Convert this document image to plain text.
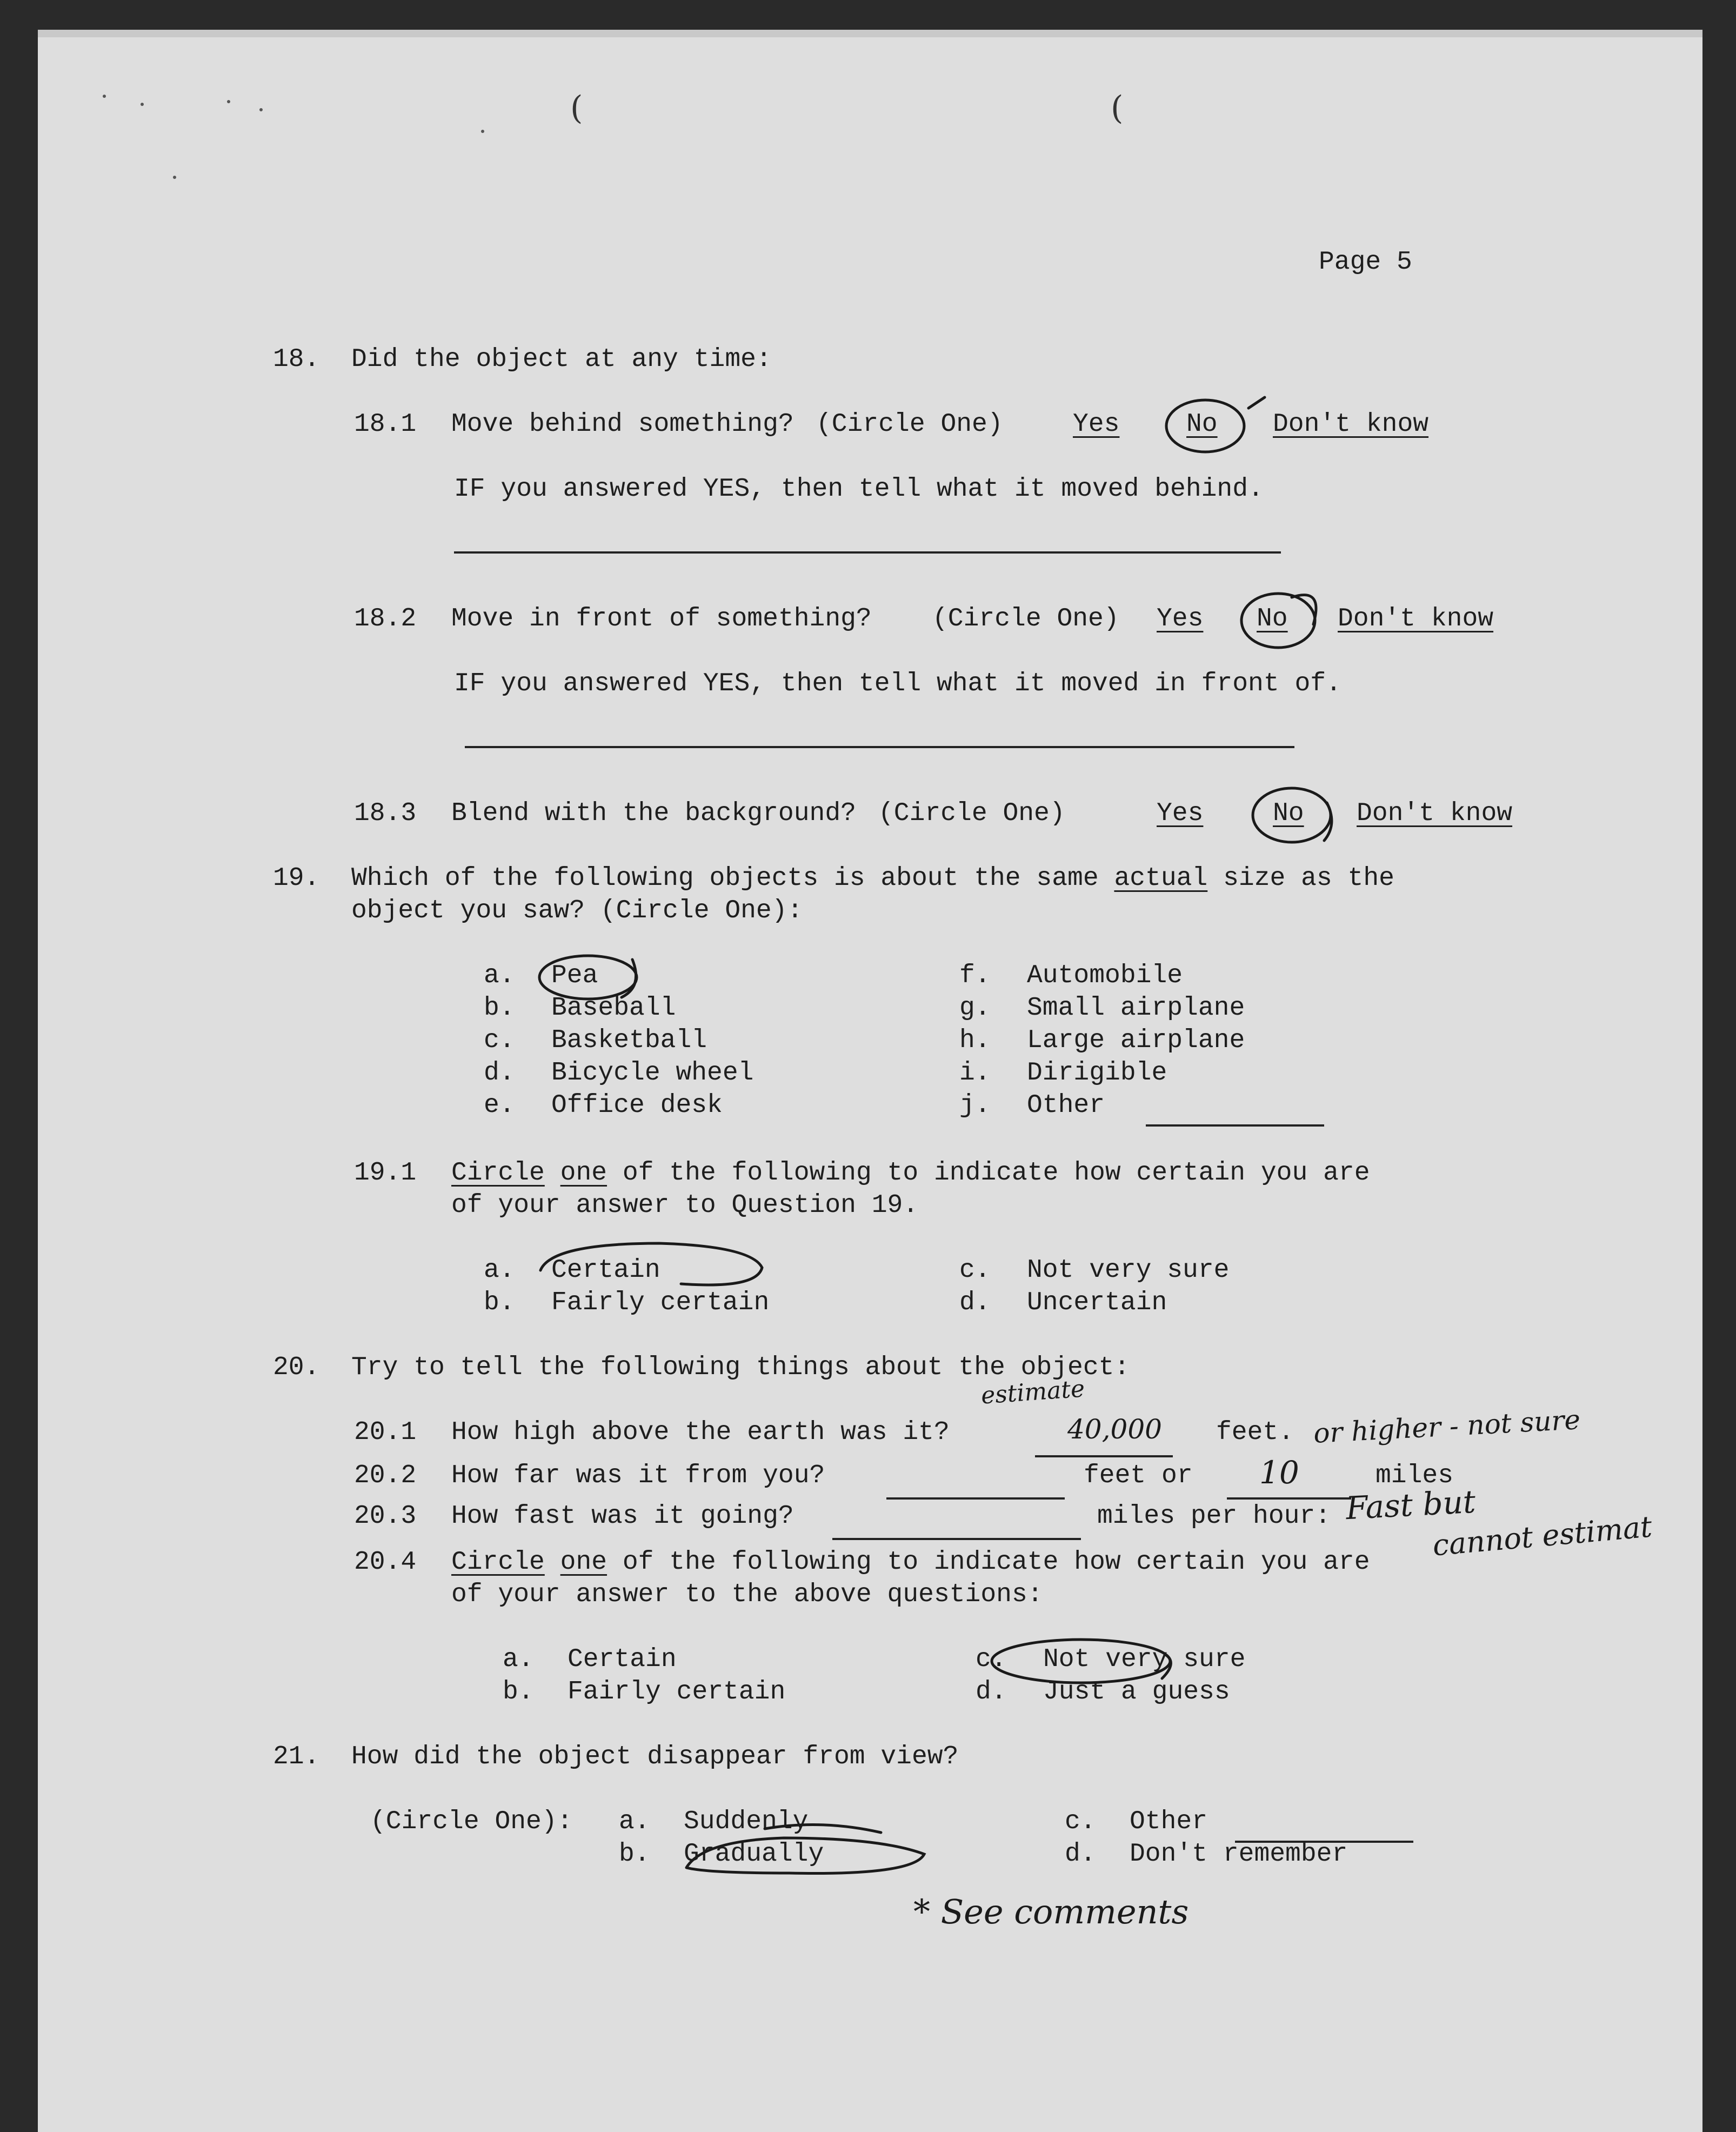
(	(
Page 5
18. Did the object at any time:
18.1 Move behind something? (Circle One)	Yes	No Don't know
IF you answered YES, then tell what it moved behind.
18.2 Move in front of something? (Circle One) Yes No Don't know
IF you answered YES, then tell what it moved in front of.
18.3 Blend with the background? (Circle One)	Yes	No Don't know
19. Which of the following objects is about the same actual size as the
object you saw? (Circle One):
a. Pea
b. Baseball
c. Basketball
d. Bicycle wheel
e. Office desk
f. Automobile
g. Small airplane
h. Large airplane
i. Dirigible
j. Other
19.1 Circle one of the following to indicate how certain you are
of your answer to Question 19.
a. Certain
b. Fairly certain
c. Not very sure
d. Uncertain
20. Try to tell the following things about the object:
20.1 How high above the earth was it?	40,000
estimate
feet. or higher - not sure
20.2 How far was it from you?	feet or 10	miles
20.3 How fast was it going?	miles per hour: Fast but
cannot estimat
20.4 Circle one of the following to indicate how certain you are
of your answer to the above questions:
a. Certain
b. Fairly certain
c. Not very sure
d. Just a guess
21. How did the object disappear from view?
(Circle One): a. Suddenly
b. Gradually
c. Other
d. Don't remember
* See comments
